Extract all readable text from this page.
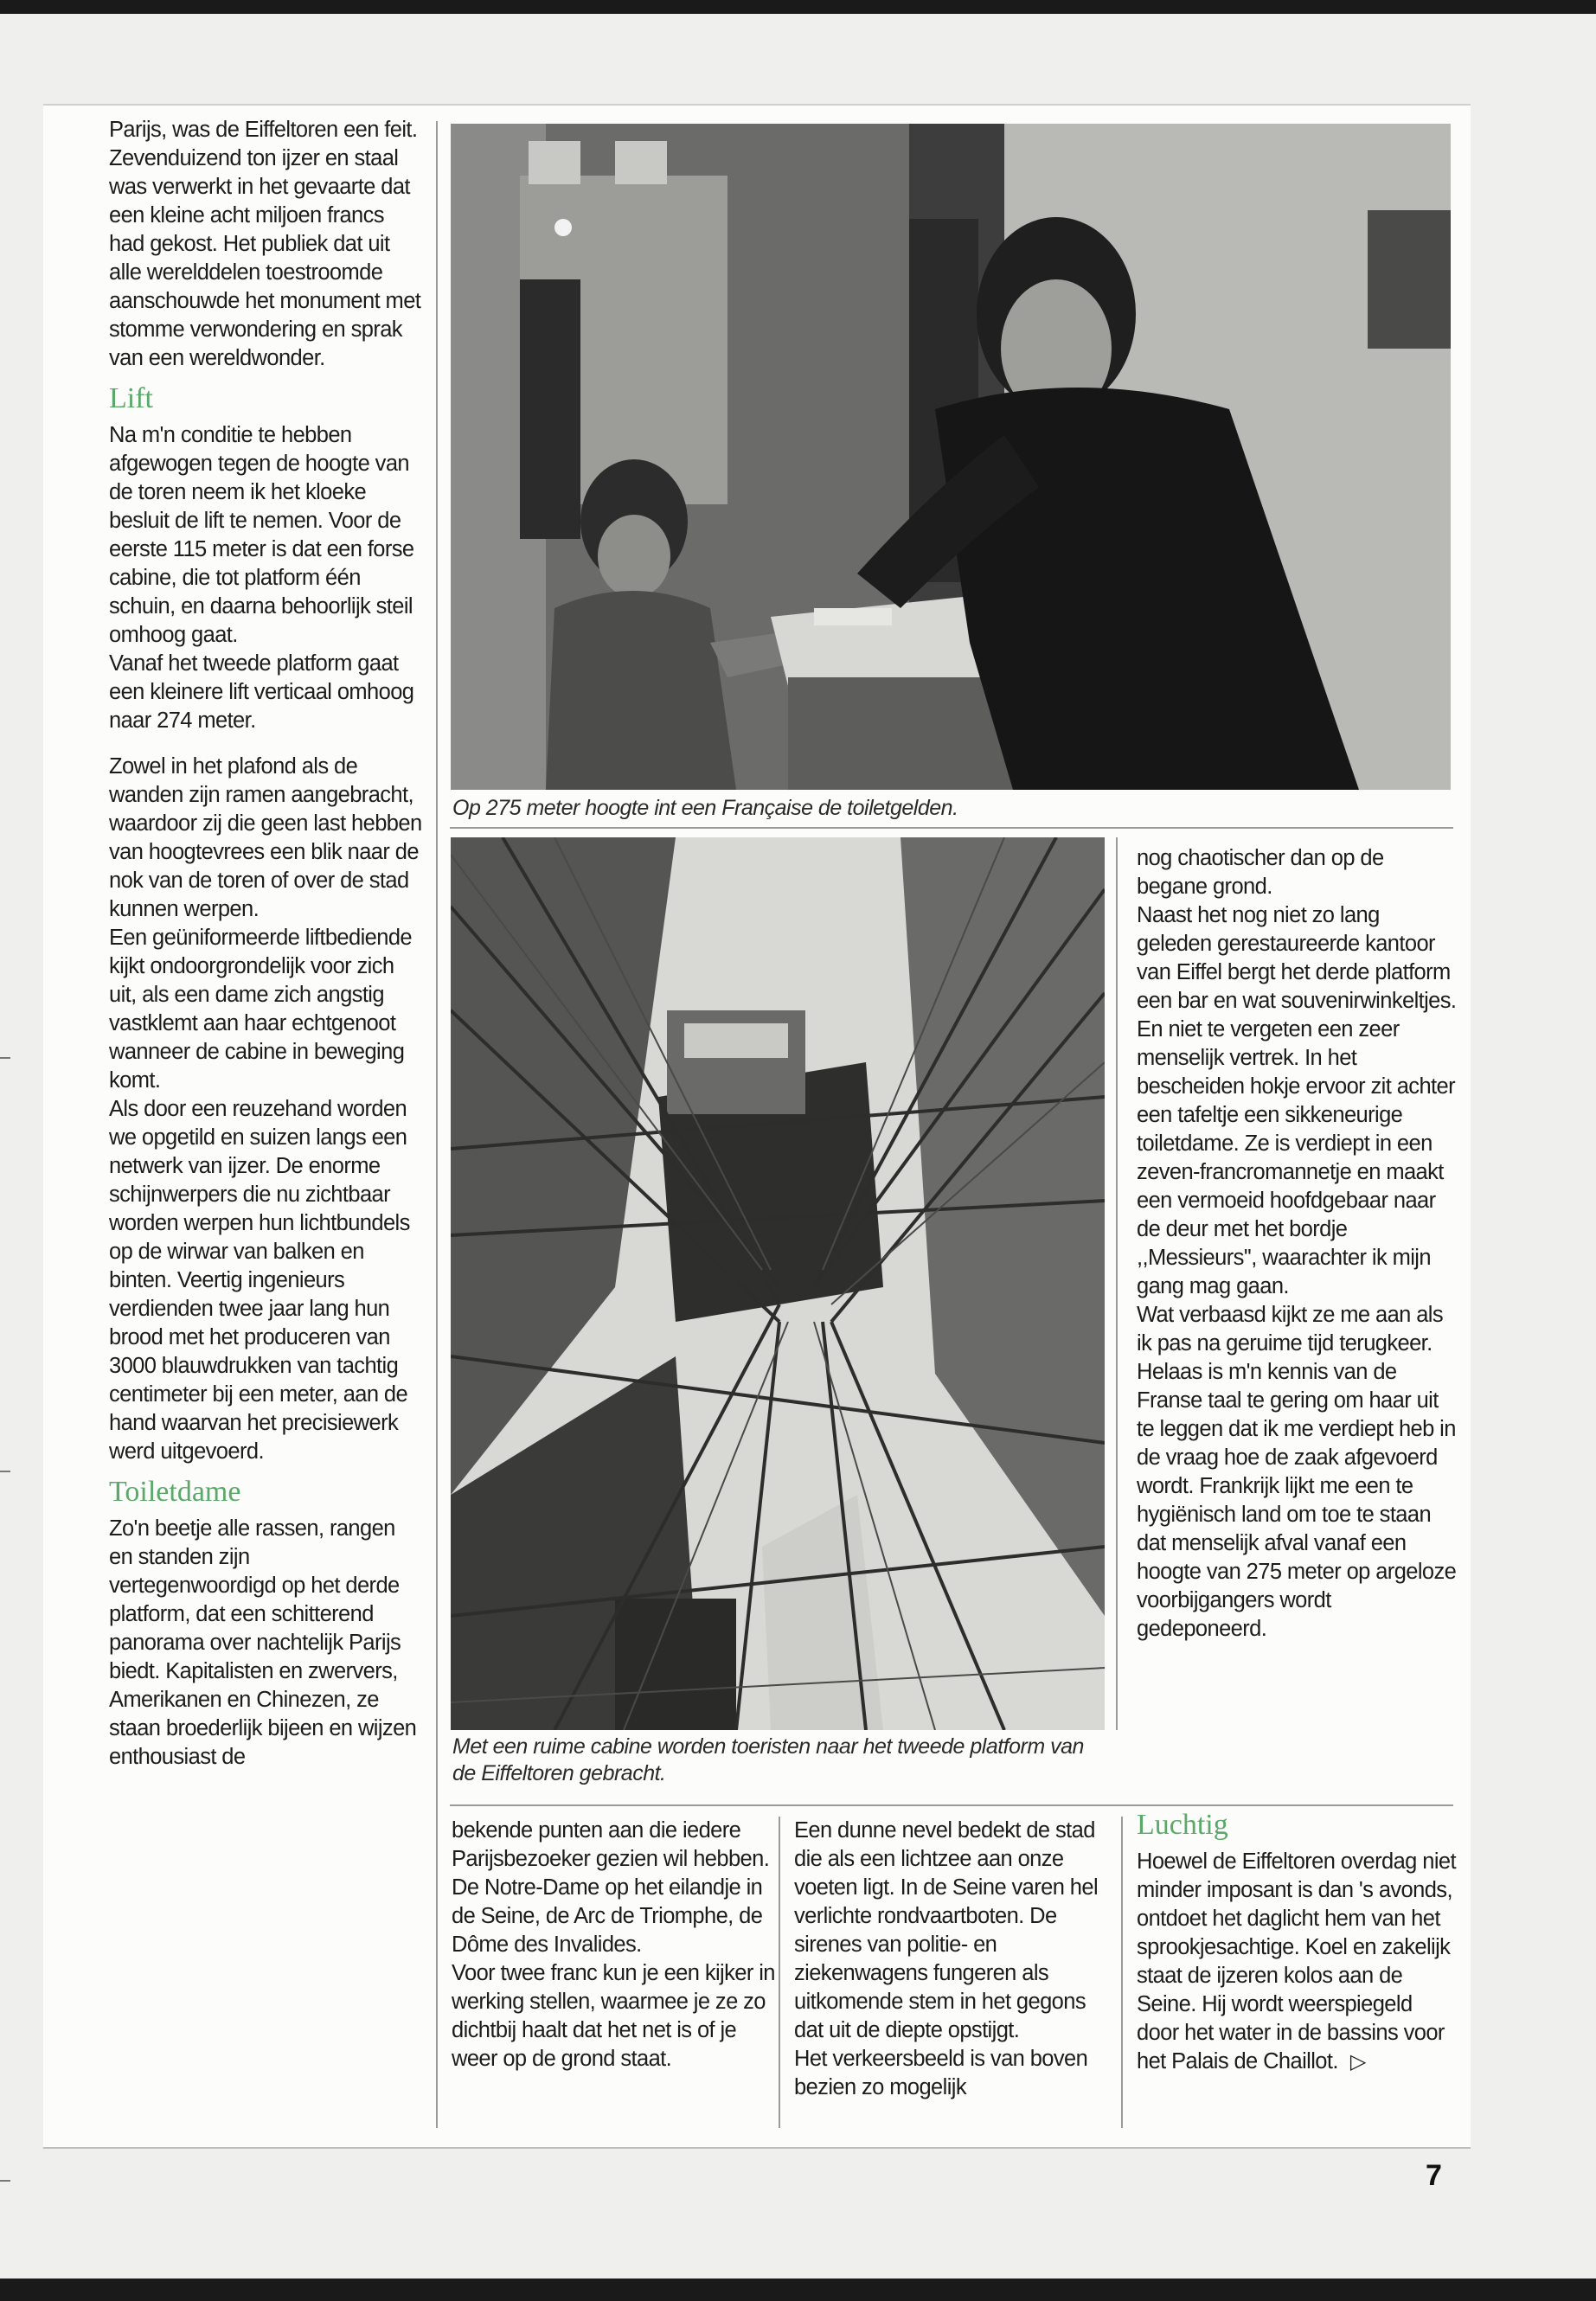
Parijs, was de Eiffeltoren een feit. Zevenduizend ton ijzer en staal was verwerkt in het gevaarte dat een kleine acht miljoen francs had gekost. Het publiek dat uit alle werelddelen toestroomde aanschouwde het monument met stomme verwondering en sprak van een wereldwonder.

Lift

Na m'n conditie te hebben afgewogen tegen de hoogte van de toren neem ik het kloeke besluit de lift te nemen. Voor de eerste 115 meter is dat een forse cabine, die tot platform één schuin, en daarna behoorlijk steil omhoog gaat.

Vanaf het tweede platform gaat een kleinere lift verticaal omhoog naar 274 meter.

Zowel in het plafond als de wanden zijn ramen aangebracht, waardoor zij die geen last hebben van hoogtevrees een blik naar de nok van de toren of over de stad kunnen werpen.

Een geüniformeerde liftbediende kijkt ondoorgrondelijk voor zich uit, als een dame zich angstig vastklemt aan haar echtgenoot wanneer de cabine in beweging komt.

Als door een reuzehand worden we opgetild en suizen langs een netwerk van ijzer. De enorme schijnwerpers die nu zichtbaar worden werpen hun lichtbundels op de wirwar van balken en binten. Veertig ingenieurs verdienden twee jaar lang hun brood met het produceren van 3000 blauwdrukken van tachtig centimeter bij een meter, aan de hand waarvan het precisiewerk werd uitgevoerd.

Toiletdame

Zo'n beetje alle rassen, rangen en standen zijn vertegenwoordigd op het derde platform, dat een schitterend panorama over nachtelijk Parijs biedt. Kapitalisten en zwervers, Amerikanen en Chinezen, ze staan broederlijk bijeen en wijzen enthousiast de

Op 275 meter hoogte int een Française de toiletgelden.
Met een ruime cabine worden toeristen naar het tweede platform van de Eiffeltoren gebracht.

nog chaotischer dan op de begane grond.

Naast het nog niet zo lang geleden gerestaureerde kantoor van Eiffel bergt het derde platform een bar en wat souvenirwinkeltjes. En niet te vergeten een zeer menselijk vertrek. In het bescheiden hokje ervoor zit achter een tafeltje een sikkeneurige toiletdame. Ze is verdiept in een zeven-francromannetje en maakt een vermoeid hoofdgebaar naar de deur met het bordje ,,Messieurs'', waarachter ik mijn gang mag gaan.

Wat verbaasd kijkt ze me aan als ik pas na geruime tijd terugkeer. Helaas is m'n kennis van de Franse taal te gering om haar uit te leggen dat ik me verdiept heb in de vraag hoe de zaak afgevoerd wordt. Frankrijk lijkt me een te hygiënisch land om toe te staan dat menselijk afval vanaf een hoogte van 275 meter op argeloze voorbijgangers wordt gedeponeerd.

bekende punten aan die iedere Parijsbezoeker gezien wil hebben. De Notre-Dame op het eilandje in de Seine, de Arc de Triomphe, de Dôme des Invalides.

Voor twee franc kun je een kijker in werking stellen, waarmee je ze zo dichtbij haalt dat het net is of je weer op de grond staat.

Een dunne nevel bedekt de stad die als een lichtzee aan onze voeten ligt. In de Seine varen hel verlichte rondvaartboten. De sirenes van politie- en ziekenwagens fungeren als uitkomende stem in het gegons dat uit de diepte opstijgt.

Het verkeersbeeld is van boven bezien zo mogelijk

Luchtig

Hoewel de Eiffeltoren overdag niet minder imposant is dan 's avonds, ontdoet het daglicht hem van het sprookjesachtige. Koel en zakelijk staat de ijzeren kolos aan de Seine. Hij wordt weerspiegeld door het water in de bassins voor het Palais de Chaillot. ▷

7
